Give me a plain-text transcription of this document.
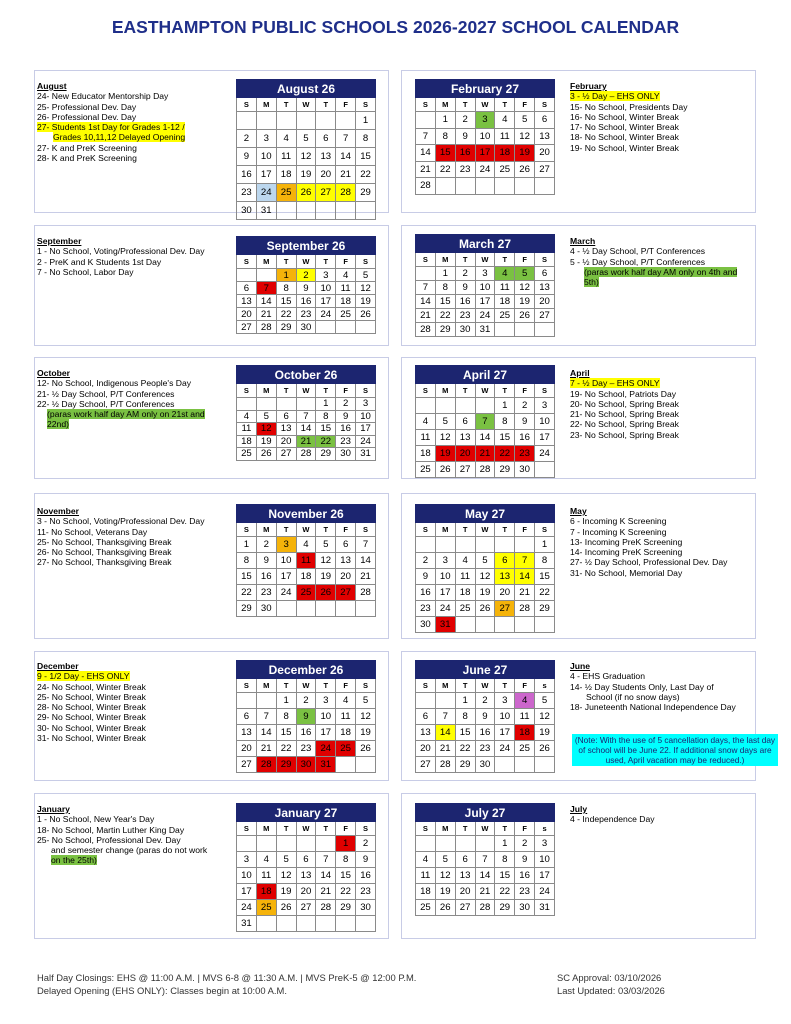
EASTHAMPTON PUBLIC SCHOOLS 2026-2027 SCHOOL CALENDAR
August 26						
S	M	T	W	T	F	S
						1
2	3	4	5	6	7	8
9	10	11	12	13	14	15
16	17	18	19	20	21	22
23	24	25	26	27	28	29
30	31					
September 26						
S	M	T	W	T	F	S
		1	2	3	4	5
6	7	8	9	10	11	12
13	14	15	16	17	18	19
20	21	22	23	24	25	26
27	28	29	30			
October 26						
S	M	T	W	T	F	S
				1	2	3
4	5	6	7	8	9	10
11	12	13	14	15	16	17
18	19	20	21	22	23	24
25	26	27	28	29	30	31
November 26						
S	M	T	W	T	F	S
1	2	3	4	5	6	7
8	9	10	11	12	13	14
15	16	17	18	19	20	21
22	23	24	25	26	27	28
29	30					
December 26						
S	M	T	W	T	F	S
		1	2	3	4	5
6	7	8	9	10	11	12
13	14	15	16	17	18	19
20	21	22	23	24	25	26
27	28	29	30	31		
January 27						
S	M	T	W	T	F	S
					1	2
3	4	5	6	7	8	9
10	11	12	13	14	15	16
17	18	19	20	21	22	23
24	25	26	27	28	29	30
31						
February 27						
S	M	T	W	T	F	S
	1	2	3	4	5	6
7	8	9	10	11	12	13
14	15	16	17	18	19	20
21	22	23	24	25	26	27
28						
March 27						
S	M	T	W	T	F	S
	1	2	3	4	5	6
7	8	9	10	11	12	13
14	15	16	17	18	19	20
21	22	23	24	25	26	27
28	29	30	31			
April 27						
S	M	T	W	T	F	S
				1	2	3
4	5	6	7	8	9	10
11	12	13	14	15	16	17
18	19	20	21	22	23	24
25	26	27	28	29	30	
May 27						
S	M	T	W	T	F	S
						1
2	3	4	5	6	7	8
9	10	11	12	13	14	15
16	17	18	19	20	21	22
23	24	25	26	27	28	29
30	31					
June 27						
S	M	T	W	T	F	s
		1	2	3	4	5
6	7	8	9	10	11	12
13	14	15	16	17	18	19
20	21	22	23	24	25	26
27	28	29	30			
July 27						
S	M	T	W	T	F	s
				1	2	3
4	5	6	7	8	9	10
11	12	13	14	15	16	17
18	19	20	21	22	23	24
25	26	27	28	29	30	31
August
24- New Educator Mentorship Day
25- Professional Dev. Day
26- Professional Dev. Day
27- Students 1st Day for Grades 1-12 /
Grades 10,11,12 Delayed Opening
27- K and PreK Screening
28- K and PreK Screening
September
1 - No School, Voting/Professional Dev. Day
2 - PreK and K Students 1st Day
7 - No School, Labor Day
October
12- No School, Indigenous People's Day
21- ½ Day School, P/T Conferences
22- ½ Day School, P/T Conferences
(paras work half day AM only on 21st and
22nd)
November
3 - No School, Voting/Professional Dev. Day
11- No School, Veterans Day
25- No School, Thanksgiving Break
26- No School, Thanksgiving Break
27- No School, Thanksgiving Break
December
9 - 1/2 Day - EHS ONLY
24- No School, Winter Break
25- No School, Winter Break
28- No School, Winter Break
29- No School, Winter Break
30- No School, Winter Break
31- No School, Winter Break
January
1 - No School, New Year's Day
18- No School, Martin Luther King Day
25- No School, Professional Dev. Day
and semester change (paras do not work
on the 25th)
February
3 - ½ Day – EHS ONLY
15- No School, Presidents Day
16- No School, Winter Break
17- No School, Winter Break
18- No School, Winter Break
19- No School, Winter Break
March
4 - ½ Day School, P/T Conferences
5 - ½ Day School, P/T Conferences
(paras work half day AM only on 4th and
5th)
April
7 - ½ Day – EHS ONLY
19- No School, Patriots Day
20- No School, Spring Break
21- No School, Spring Break
22- No School, Spring Break
23- No School, Spring Break
May
6 - Incoming K Screening
7 - Incoming K Screening
13- Incoming PreK Screening
14- Incoming PreK Screening
27- ½ Day School, Professional Dev. Day
31- No School, Memorial Day
June
4 - EHS Graduation
14- ½ Day Students Only, Last Day of
School (if no snow days)
18- Juneteenth National Independence Day
(Note: With the use of 5 cancellation days, the last day of school will be June 22. If additional snow days are used, April vacation may be reduced.)
July
4 - Independence Day
Half Day Closings: EHS @ 11:00 A.M. | MVS 6-8 @ 11:30 A.M. | MVS PreK-5 @ 12:00 P.M.
Delayed Opening (EHS ONLY): Classes begin at 10:00 A.M.
SC Approval: 03/10/2026
Last Updated: 03/03/2026
